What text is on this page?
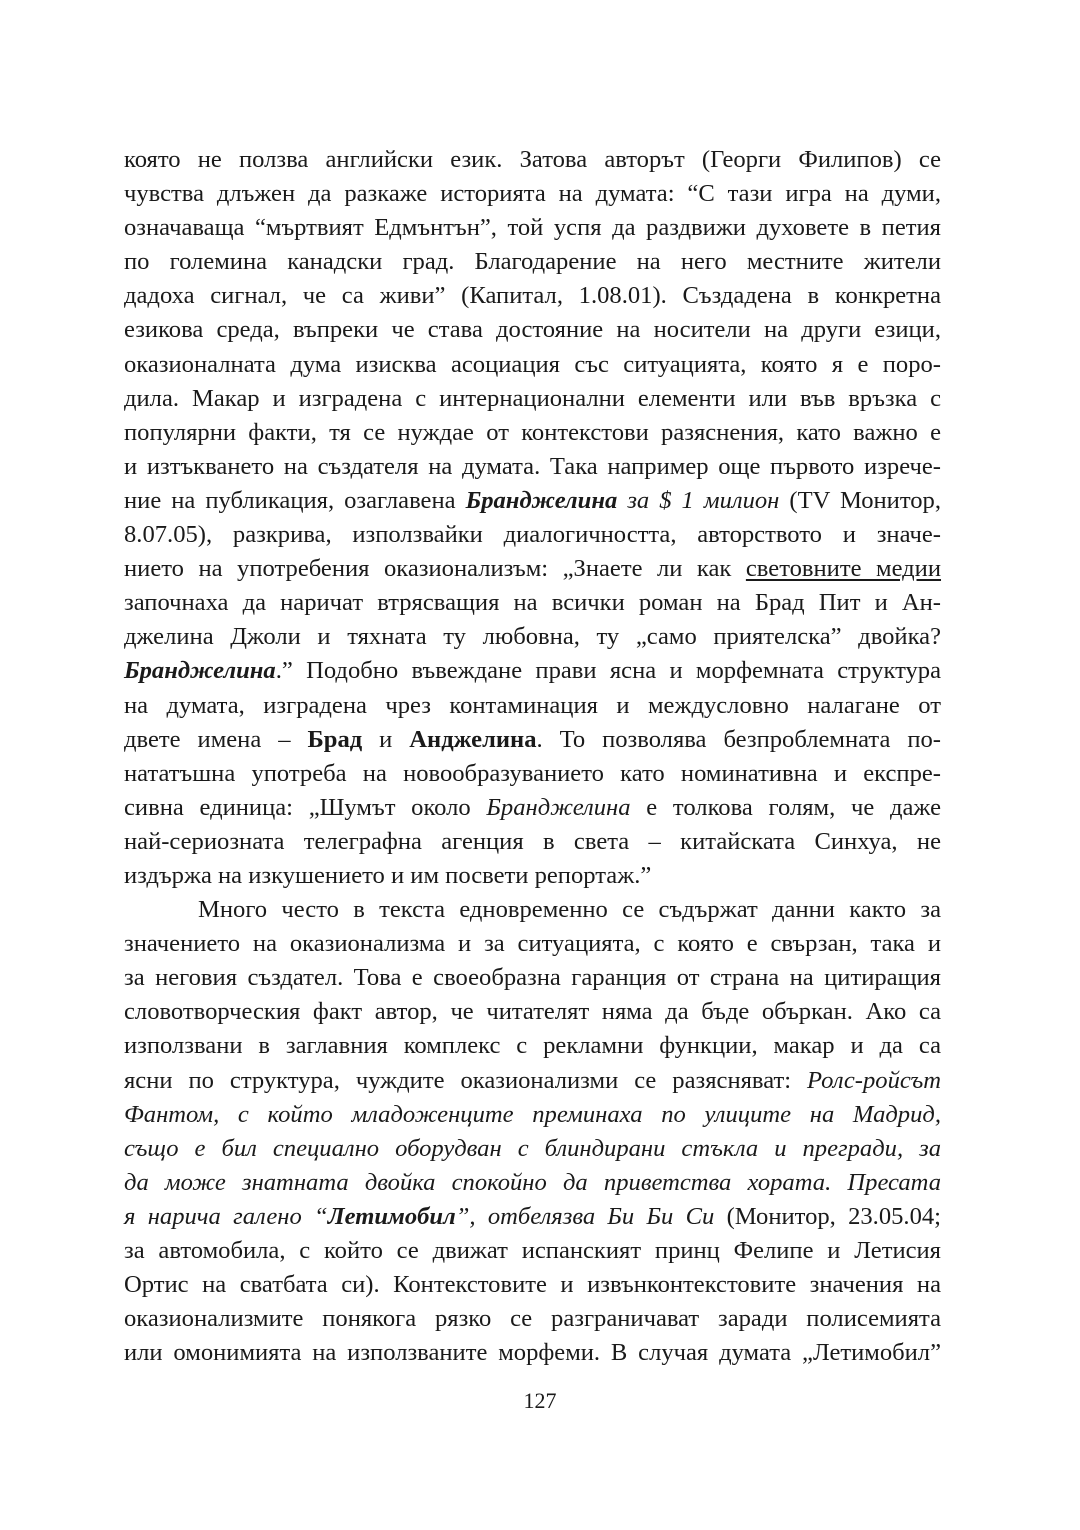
която не ползва английски език. Затова авторът (Георги Филипов) се
чувства длъжен да разкаже историята на думата: “С тази игра на думи,
означаваща “мъртвият Едмънтън”, той успя да раздвижи духовете в петия
по големина канадски град. Благодарение на него местните жители
дадоха сигнал, че са живи” (Капитал, 1.08.01). Създадена в конкретна
езикова среда, въпреки че става достояние на носители на други езици,
оказионалната дума изисква асоциация със ситуацията, която я е поро-
дила. Макар и изградена с интернационални елементи или във връзка с
популярни факти, тя се нуждае от контекстови разяснения, като важно е
и изтъкването на създателя на думата. Така например още първото изрече-
ние на публикация, озаглавена Бранджелина за $ 1 милион (TV Монитор,
8.07.05), разкрива, използвайки диалогичността, авторството и значе-
нието на употребения оказионализъм: „Знаете ли как световните медии
започнаха да наричат втрясващия на всички роман на Брад Пит и Ан-
джелина Джоли и тяхната ту любовна, ту „само приятелска” двойка?
Бранджелина.” Подобно въвеждане прави ясна и морфемната структура
на думата, изградена чрез контаминация и междусловно налагане от
двете имена – Брад и Анджелина. То позволява безпроблемната по-
нататъшна употреба на новообразуванието като номинативна и експре-
сивна единица: „Шумът около Бранджелина е толкова голям, че даже
най-сериозната телеграфна агенция в света – китайската Синхуа, не
издържа на изкушението и им посвети репортаж.”
Много често в текста едновременно се съдържат данни както за
значението на оказионализма и за ситуацията, с която е свързан, така и
за неговия създател. Това е своеобразна гаранция от страна на цитиращия
словотворческия факт автор, че читателят няма да бъде объркан. Ако са
използвани в заглавния комплекс с рекламни функции, макар и да са
ясни по структура, чуждите оказионализми се разясняват: Ролс-ройсът
Фантом, с който младоженците преминаха по улиците на Мадрид,
също е бил специално оборудван с блиндирани стъкла и прегради, за
да може знатната двойка спокойно да приветства хората. Пресата
я нарича галено “Летимобил”, отбелязва Би Би Си (Монитор, 23.05.04;
за автомобила, с който се движат испанският принц Фелипе и Летисия
Ортис на сватбата си). Контекстовите и извънконтекстовите значения на
оказионализмите понякога рязко се разграничават заради полисемията
или омонимията на използваните морфеми. В случая думата „Летимобил”
127
